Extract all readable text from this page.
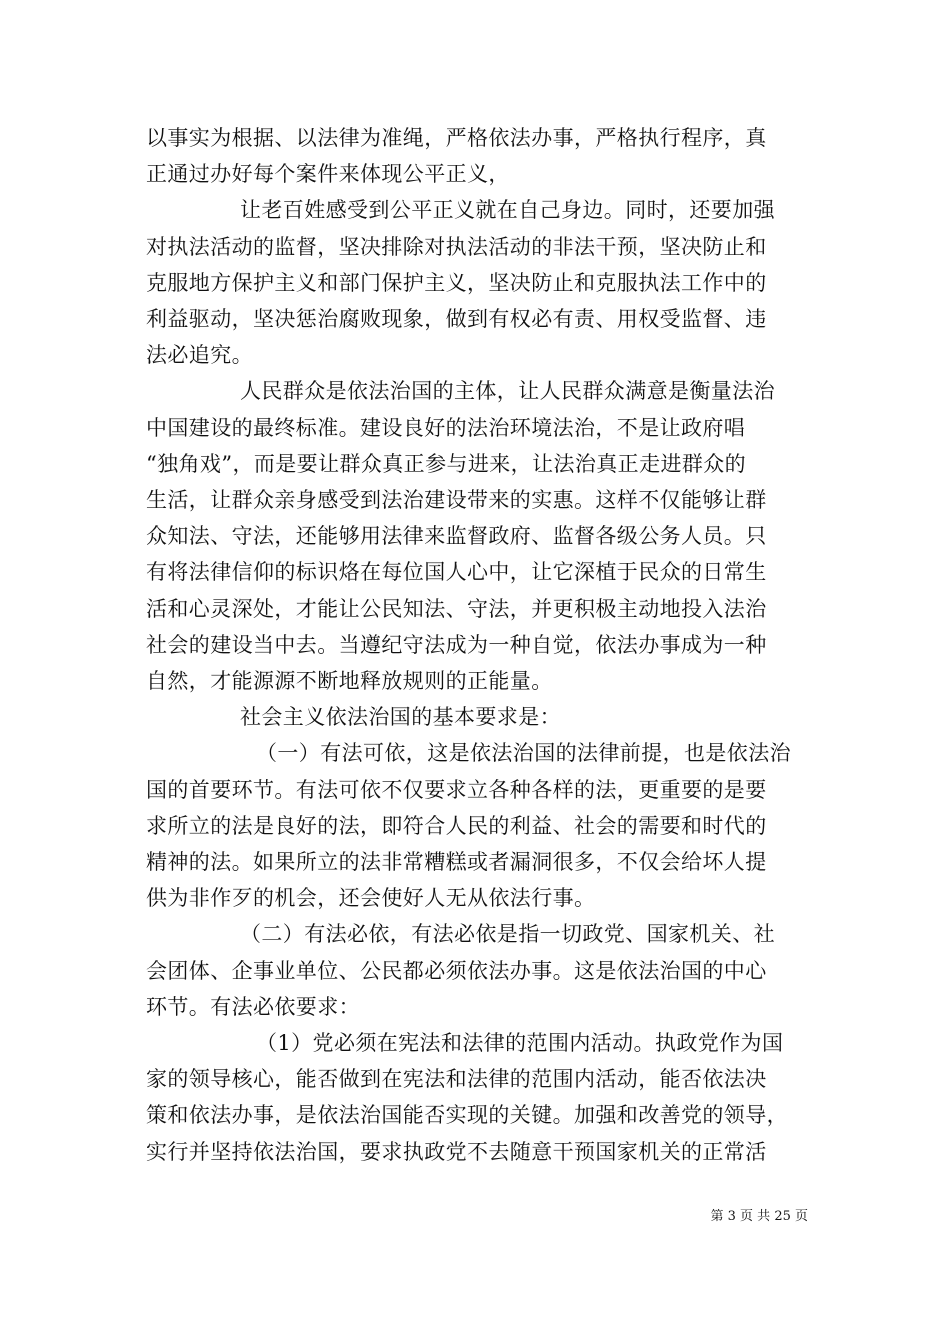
以事实为根据、以法律为准绳，严格依法办事，严格执行程序，真
正通过办好每个案件来体现公平正义，
让老百姓感受到公平正义就在自己身边。同时，还要加强
对执法活动的监督，坚决排除对执法活动的非法干预，坚决防止和
克服地方保护主义和部门保护主义，坚决防止和克服执法工作中的
利益驱动，坚决惩治腐败现象，做到有权必有责、用权受监督、违
法必追究。
人民群众是依法治国的主体，让人民群众满意是衡量法治
中国建设的最终标准。建设良好的法治环境法治，不是让政府唱
“独角戏”，而是要让群众真正参与进来，让法治真正走进群众的
生活，让群众亲身感受到法治建设带来的实惠。这样不仅能够让群
众知法、守法，还能够用法律来监督政府、监督各级公务人员。只
有将法律信仰的标识烙在每位国人心中，让它深植于民众的日常生
活和心灵深处，才能让公民知法、守法，并更积极主动地投入法治
社会的建设当中去。当遵纪守法成为一种自觉，依法办事成为一种
自然，才能源源不断地释放规则的正能量。
社会主义依法治国的基本要求是：
（一）有法可依，这是依法治国的法律前提，也是依法治
国的首要环节。有法可依不仅要求立各种各样的法，更重要的是要
求所立的法是良好的法，即符合人民的利益、社会的需要和时代的
精神的法。如果所立的法非常糟糕或者漏洞很多，不仅会给坏人提
供为非作歹的机会，还会使好人无从依法行事。
（二）有法必依，有法必依是指一切政党、国家机关、社
会团体、企事业单位、公民都必须依法办事。这是依法治国的中心
环节。有法必依要求：
（1）党必须在宪法和法律的范围内活动。执政党作为国
家的领导核心，能否做到在宪法和法律的范围内活动，能否依法决
策和依法办事，是依法治国能否实现的关键。加强和改善党的领导，
实行并坚持依法治国，要求执政党不去随意干预国家机关的正常活
第 3 页 共 25 页
